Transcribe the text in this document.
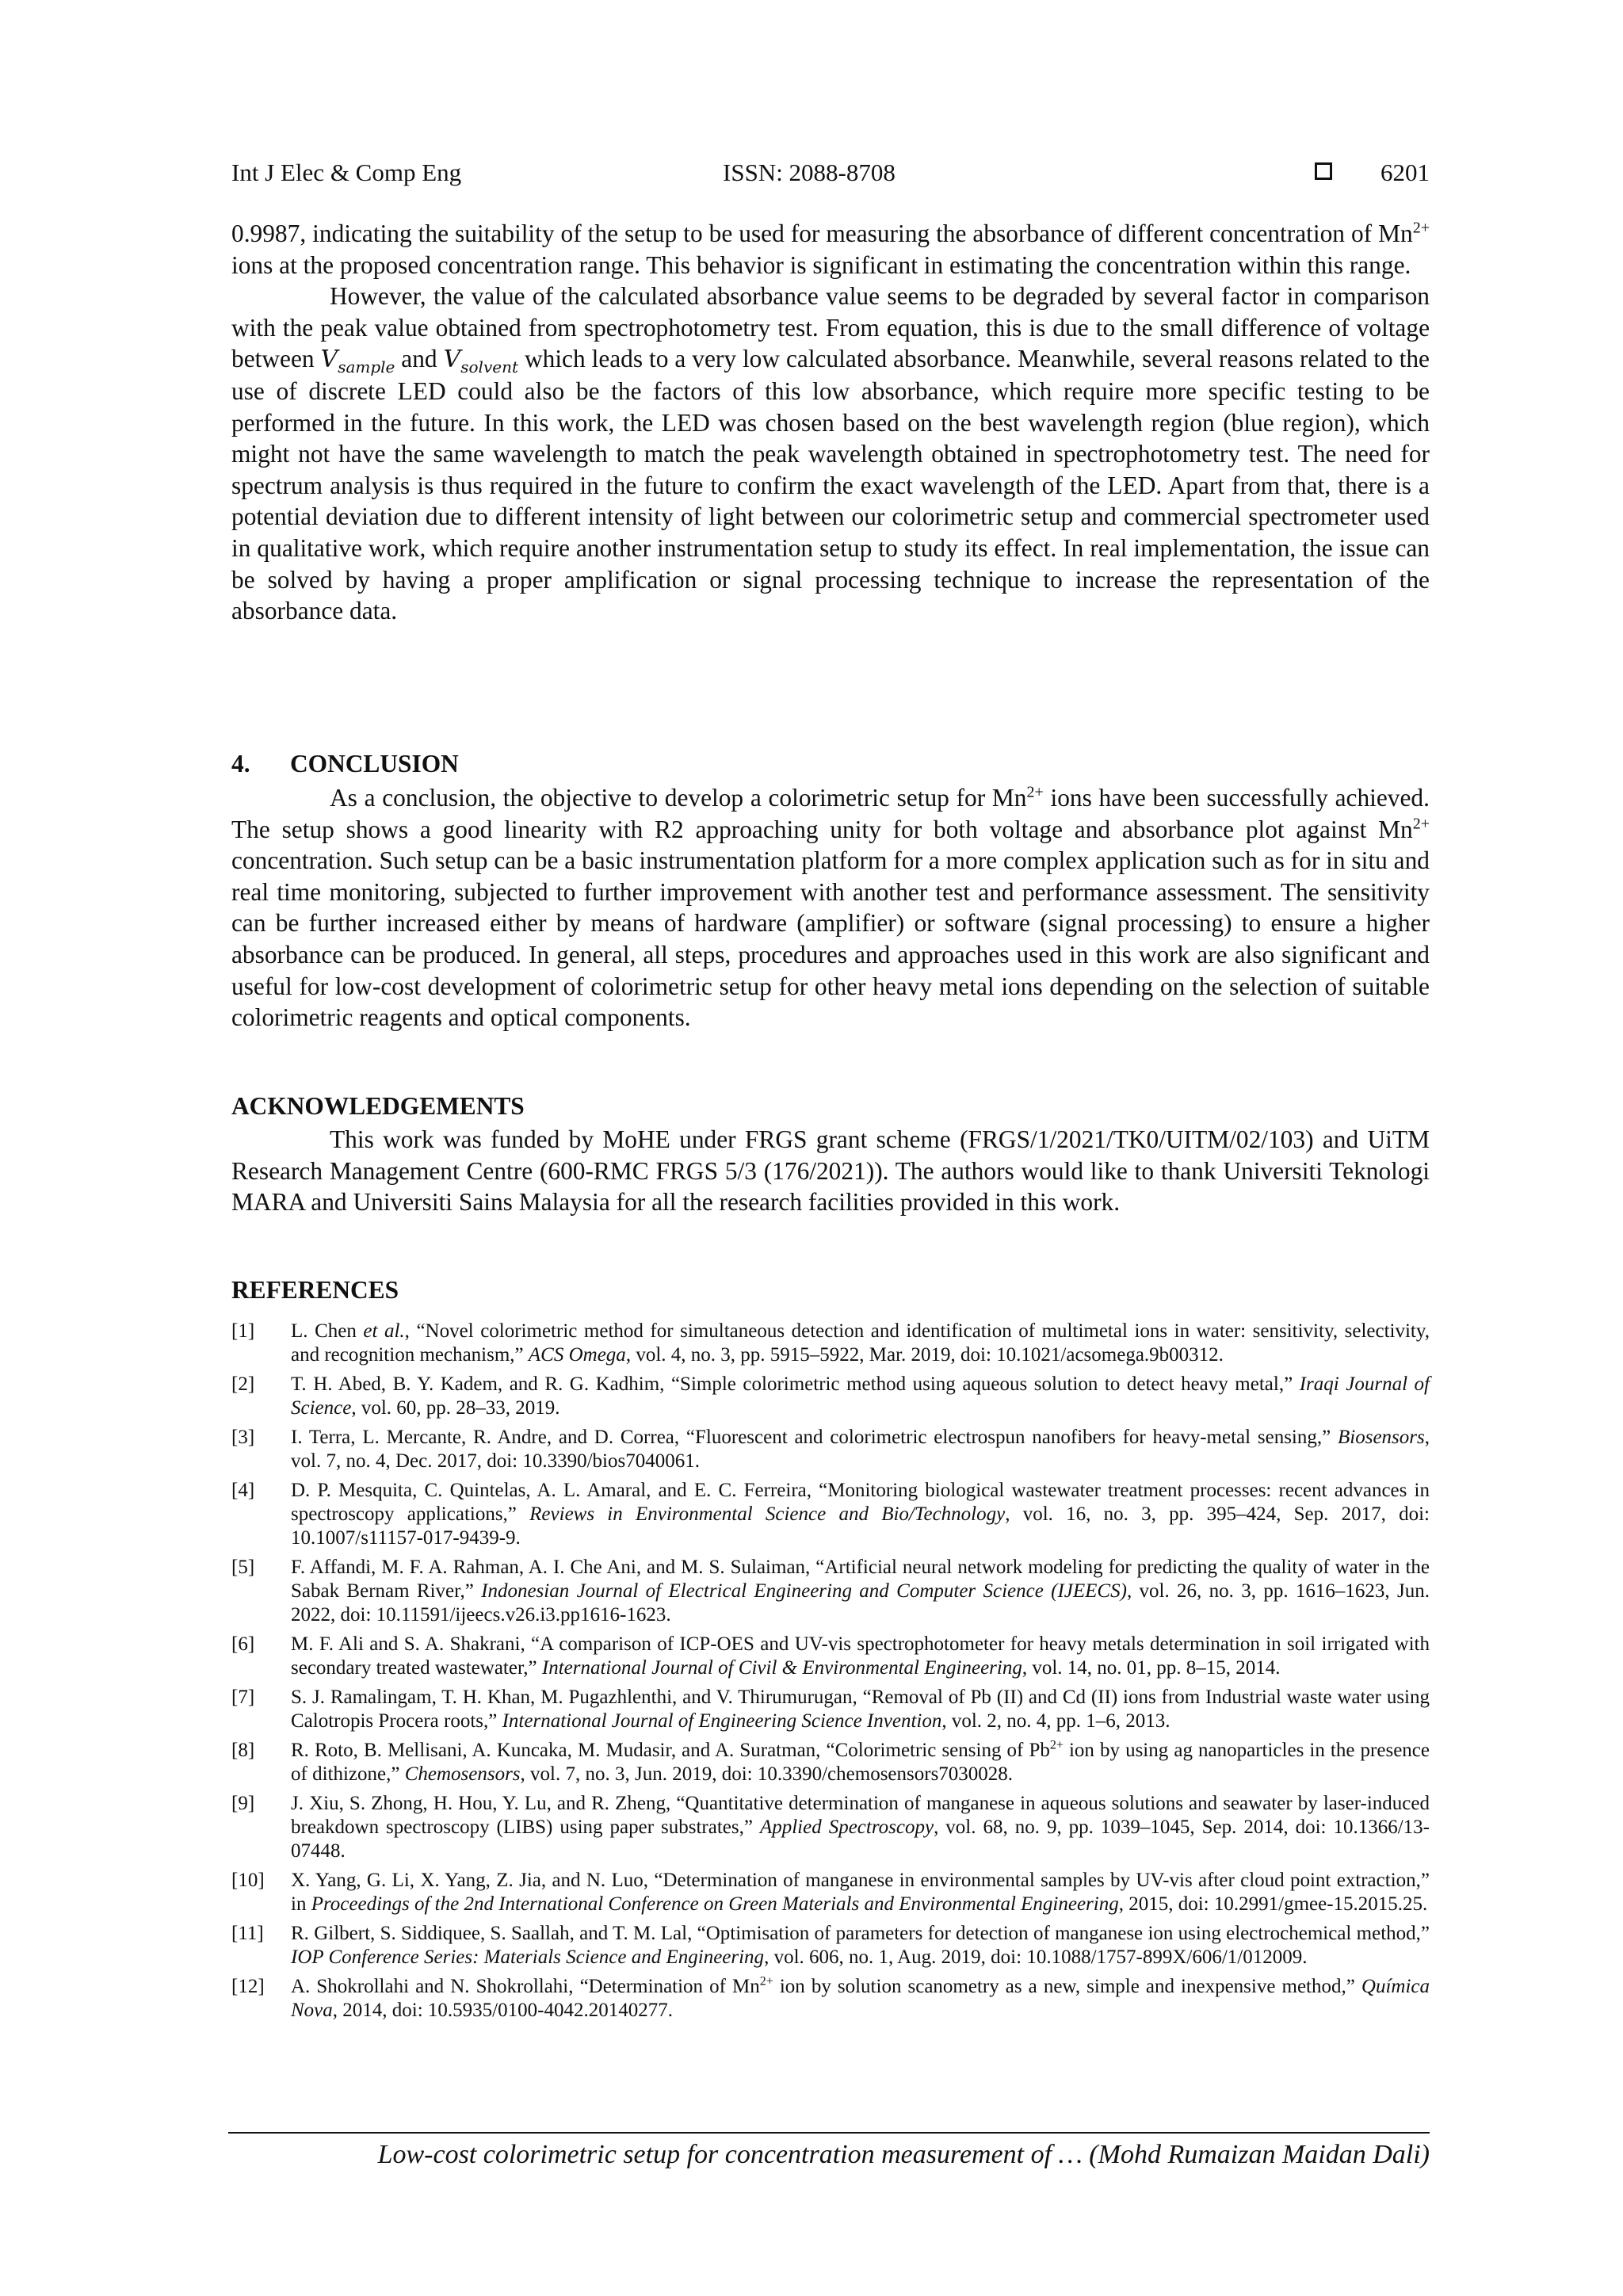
Int J Elec & Comp Eng	ISSN: 2088-8708	6201

0.9987, indicating the suitability of the setup to be used for measuring the absorbance of different concentration of $Mn^{2+}$ ions at the proposed concentration range. This behavior is significant in estimating the concentration within this range.

However, the value of the calculated absorbance value seems to be degraded by several factor in comparison with the peak value obtained from spectrophotometry test. From equation, this is due to the small difference of voltage between $V_{sample}$ and $V_{solvent}$ which leads to a very low calculated absorbance. Meanwhile, several reasons related to the use of discrete LED could also be the factors of this low absorbance, which require more specific testing to be performed in the future. In this work, the LED was chosen based on the best wavelength region (blue region), which might not have the same wavelength to match the peak wavelength obtained in spectrophotometry test. The need for spectrum analysis is thus required in the future to confirm the exact wavelength of the LED. Apart from that, there is a potential deviation due to different intensity of light between our colorimetric setup and commercial spectrometer used in qualitative work, which require another instrumentation setup to study its effect. In real implementation, the issue can be solved by having a proper amplification or signal processing technique to increase the representation of the absorbance data.

4. CONCLUSION

As a conclusion, the objective to develop a colorimetric setup for $Mn^{2+}$ ions have been successfully achieved. The setup shows a good linearity with R2 approaching unity for both voltage and absorbance plot against $Mn^{2+}$ concentration. Such setup can be a basic instrumentation platform for a more complex application such as for in situ and real time monitoring, subjected to further improvement with another test and performance assessment. The sensitivity can be further increased either by means of hardware (amplifier) or software (signal processing) to ensure a higher absorbance can be produced. In general, all steps, procedures and approaches used in this work are also significant and useful for low-cost development of colorimetric setup for other heavy metal ions depending on the selection of suitable colorimetric reagents and optical components.

ACKNOWLEDGEMENTS

This work was funded by MoHE under FRGS grant scheme (FRGS/1/2021/TK0/UITM/02/103) and UiTM Research Management Centre (600-RMC FRGS 5/3 (176/2021)). The authors would like to thank Universiti Teknologi MARA and Universiti Sains Malaysia for all the research facilities provided in this work.

REFERENCES
[1] L. Chen et al., “Novel colorimetric method for simultaneous detection and identification of multimetal ions in water: sensitivity, selectivity, and recognition mechanism,” ACS Omega, vol. 4, no. 3, pp. 5915–5922, Mar. 2019, doi: 10.1021/acsomega.9b00312.
[2] T. H. Abed, B. Y. Kadem, and R. G. Kadhim, “Simple colorimetric method using aqueous solution to detect heavy metal,” Iraqi Journal of Science, vol. 60, pp. 28–33, 2019.
[3] I. Terra, L. Mercante, R. Andre, and D. Correa, “Fluorescent and colorimetric electrospun nanofibers for heavy-metal sensing,” Biosensors, vol. 7, no. 4, Dec. 2017, doi: 10.3390/bios7040061.
[4] D. P. Mesquita, C. Quintelas, A. L. Amaral, and E. C. Ferreira, “Monitoring biological wastewater treatment processes: recent advances in spectroscopy applications,” Reviews in Environmental Science and Bio/Technology, vol. 16, no. 3, pp. 395–424, Sep. 2017, doi: 10.1007/s11157-017-9439-9.
[5] F. Affandi, M. F. A. Rahman, A. I. Che Ani, and M. S. Sulaiman, “Artificial neural network modeling for predicting the quality of water in the Sabak Bernam River,” Indonesian Journal of Electrical Engineering and Computer Science (IJEECS), vol. 26, no. 3, pp. 1616–1623, Jun. 2022, doi: 10.11591/ijeecs.v26.i3.pp1616-1623.
[6] M. F. Ali and S. A. Shakrani, “A comparison of ICP-OES and UV-vis spectrophotometer for heavy metals determination in soil irrigated with secondary treated wastewater,” International Journal of Civil & Environmental Engineering, vol. 14, no. 01, pp. 8–15, 2014.
[7] S. J. Ramalingam, T. H. Khan, M. Pugazhlenthi, and V. Thirumurugan, “Removal of Pb (II) and Cd (II) ions from Industrial waste water using Calotropis Procera roots,” International Journal of Engineering Science Invention, vol. 2, no. 4, pp. 1–6, 2013.
[8] R. Roto, B. Mellisani, A. Kuncaka, M. Mudasir, and A. Suratman, “Colorimetric sensing of $Pb^{2+}$ ion by using ag nanoparticles in the presence of dithizone,” Chemosensors, vol. 7, no. 3, Jun. 2019, doi: 10.3390/chemosensors7030028.
[9] J. Xiu, S. Zhong, H. Hou, Y. Lu, and R. Zheng, “Quantitative determination of manganese in aqueous solutions and seawater by laser-induced breakdown spectroscopy (LIBS) using paper substrates,” Applied Spectroscopy, vol. 68, no. 9, pp. 1039–1045, Sep. 2014, doi: 10.1366/13-07448.
[10] X. Yang, G. Li, X. Yang, Z. Jia, and N. Luo, “Determination of manganese in environmental samples by UV-vis after cloud point extraction,” in Proceedings of the 2nd International Conference on Green Materials and Environmental Engineering, 2015, doi: 10.2991/gmee-15.2015.25.
[11] R. Gilbert, S. Siddiquee, S. Saallah, and T. M. Lal, “Optimisation of parameters for detection of manganese ion using electrochemical method,” IOP Conference Series: Materials Science and Engineering, vol. 606, no. 1, Aug. 2019, doi: 10.1088/1757-899X/606/1/012009.
[12] A. Shokrollahi and N. Shokrollahi, “Determination of $Mn^{2+}$ ion by solution scanometry as a new, simple and inexpensive method,” Química Nova, 2014, doi: 10.5935/0100-4042.20140277.
Low-cost colorimetric setup for concentration measurement of … (Mohd Rumaizan Maidan Dali)
